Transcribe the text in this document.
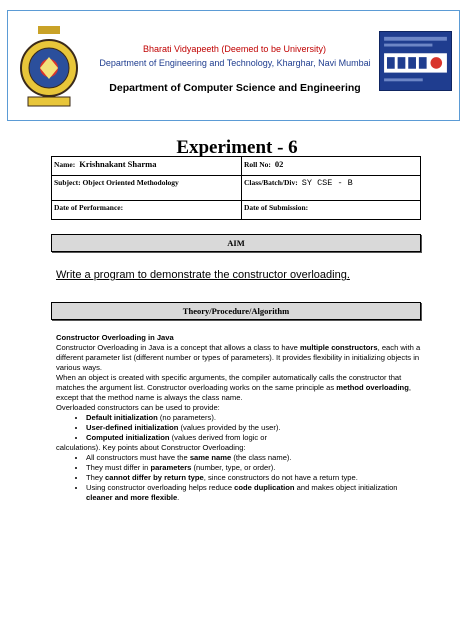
Bharati Vidyapeeth (Deemed to be University)
Department of Engineering and Technology, Kharghar, Navi Mumbai
Department of Computer Science and Engineering
Experiment - 6
Name: Krishnakant Sharma	Roll No: 02
Subject: Object Oriented Methodology	Class/Batch/Div: SY CSE - B
Date of Performance:	Date of Submission:
AIM
Write a program to demonstrate the constructor overloading.
Theory/Procedure/Algorithm

Constructor Overloading in Java

Constructor Overloading in Java is a concept that allows a class to have multiple constructors, each with a different parameter list (different number or types of parameters). It provides flexibility in initializing objects in various ways.

When an object is created with specific arguments, the compiler automatically calls the constructor that matches the argument list. Constructor overloading works on the same principle as method overloading, except that the method name is always the class name.

Overloaded constructors can be used to provide:

• Default initialization (no parameters).
• User-defined initialization (values provided by the user).
• Computed initialization (values derived from logic or

calculations). Key points about Constructor Overloading:

• All constructors must have the same name (the class name).
• They must differ in parameters (number, type, or order).
• They cannot differ by return type, since constructors do not have a return type.
• Using constructor overloading helps reduce code duplication and makes object initialization
cleaner and more flexible.
